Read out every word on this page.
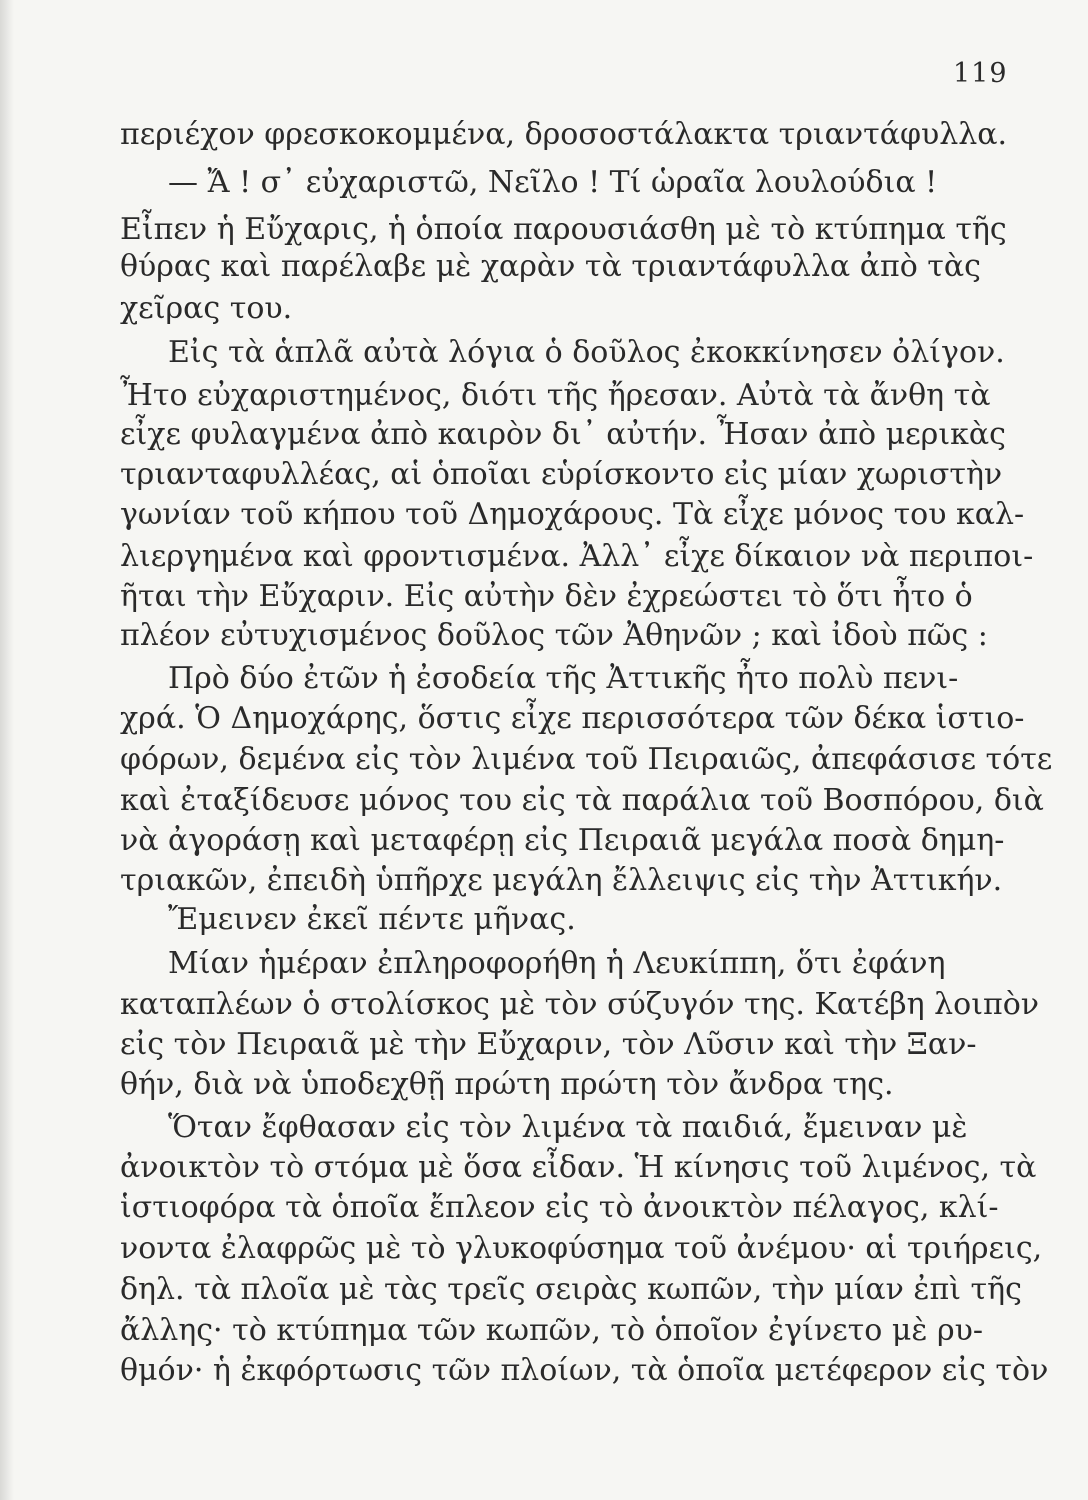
119
περιέχον φρεσκοκομμένα, δροσοστάλακτα τριαντάφυλλα.
— Ἄ ! σ᾽ εὐχαριστῶ, Νεῖλο ! Τί ὡραῖα λουλούδια !
Εἶπεν ἡ Εὔχαρις, ἡ ὁποία παρουσιάσθη μὲ τὸ κτύπημα τῆς
θύρας καὶ παρέλαβε μὲ χαρὰν τὰ τριαντάφυλλα ἀπὸ τὰς
χεῖρας του.
Εἰς τὰ ἁπλᾶ αὐτὰ λόγια ὁ δοῦλος ἐκοκκίνησεν ὀλίγον.
Ἦτο εὐχαριστημένος, διότι τῆς ἤρεσαν. Αὐτὰ τὰ ἄνθη τὰ
εἶχε φυλαγμένα ἀπὸ καιρὸν δι᾽ αὐτήν. Ἦσαν ἀπὸ μερικὰς
τριανταφυλλέας, αἱ ὁποῖαι εὑρίσκοντο εἰς μίαν χωριστὴν
γωνίαν τοῦ κήπου τοῦ Δημοχάρους. Τὰ εἶχε μόνος του καλ-
λιεργημένα καὶ φροντισμένα. Ἀλλ᾽ εἶχε δίκαιον νὰ περιποι-
ῆται τὴν Εὔχαριν. Εἰς αὐτὴν δὲν ἐχρεώστει τὸ ὅτι ἦτο ὁ
πλέον εὐτυχισμένος δοῦλος τῶν Ἀθηνῶν ; καὶ ἰδοὺ πῶς :
Πρὸ δύο ἐτῶν ἡ ἐσοδεία τῆς Ἀττικῆς ἦτο πολὺ πενι-
χρά. Ὁ Δημοχάρης, ὅστις εἶχε περισσότερα τῶν δέκα ἱστιο-
φόρων, δεμένα εἰς τὸν λιμένα τοῦ Πειραιῶς, ἀπεφάσισε τότε
καὶ ἐταξίδευσε μόνος του εἰς τὰ παράλια τοῦ Βοσπόρου, διὰ
νὰ ἀγοράσῃ καὶ μεταφέρῃ εἰς Πειραιᾶ μεγάλα ποσὰ δημη-
τριακῶν, ἐπειδὴ ὑπῆρχε μεγάλη ἔλλειψις εἰς τὴν Ἀττικήν.
Ἔμεινεν ἐκεῖ πέντε μῆνας.
Μίαν ἡμέραν ἐπληροφορήθη ἡ Λευκίππη, ὅτι ἐφάνη
καταπλέων ὁ στολίσκος μὲ τὸν σύζυγόν της. Κατέβη λοιπὸν
εἰς τὸν Πειραιᾶ μὲ τὴν Εὔχαριν, τὸν Λῦσιν καὶ τὴν Ξαν-
θήν, διὰ νὰ ὑποδεχθῇ πρώτη πρώτη τὸν ἄνδρα της.
Ὅταν ἔφθασαν εἰς τὸν λιμένα τὰ παιδιά, ἔμειναν μὲ
ἀνοικτὸν τὸ στόμα μὲ ὅσα εἶδαν. Ἡ κίνησις τοῦ λιμένος, τὰ
ἱστιοφόρα τὰ ὁποῖα ἔπλεον εἰς τὸ ἀνοικτὸν πέλαγος, κλί-
νοντα ἐλαφρῶς μὲ τὸ γλυκοφύσημα τοῦ ἀνέμου· αἱ τριήρεις,
δηλ. τὰ πλοῖα μὲ τὰς τρεῖς σειρὰς κωπῶν, τὴν μίαν ἐπὶ τῆς
ἄλλης· τὸ κτύπημα τῶν κωπῶν, τὸ ὁποῖον ἐγίνετο μὲ ρυ-
θμόν· ἡ ἐκφόρτωσις τῶν πλοίων, τὰ ὁποῖα μετέφερον εἰς τὸν
